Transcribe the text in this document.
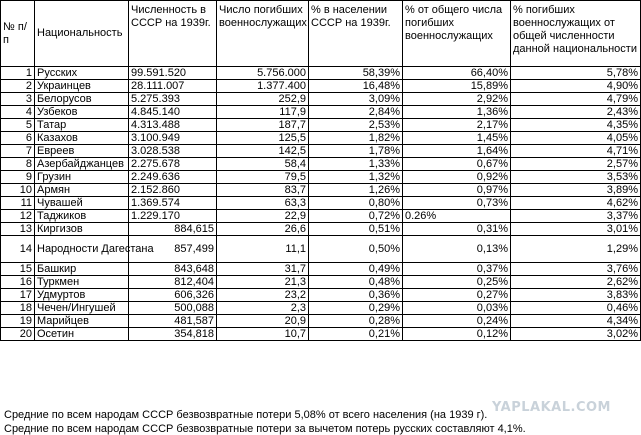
№ п/п	Национальность	Численность в СССР на 1939г.	Число погибших военнослужащих	% в населении СССР на 1939г.	% от общего числа погибших военнослужащих	% погибших военнослужащих от общей численности данной национальности
1	Русских	99.591.520	5.756.000	58,39%	66,40%	5,78%
2	Украинцев	28.111.007	1.377.400	16,48%	15,89%	4,90%
3	Белорусов	5.275.393	252,9	3,09%	2,92%	4,79%
4	Узбеков	4.845.140	117,9	2,84%	1,36%	2,43%
5	Татар	4.313.488	187,7	2,53%	2,17%	4,35%
6	Казахов	3.100.949	125,5	1,82%	1,45%	4,05%
7	Евреев	3.028.538	142,5	1,78%	1,64%	4,71%
8	Азербайджанцев	2.275.678	58,4	1,33%	0,67%	2,57%
9	Грузин	2.249.636	79,5	1,32%	0,92%	3,53%
10	Армян	2.152.860	83,7	1,26%	0,97%	3,89%
11	Чувашей	1.369.574	63,3	0,80%	0,73%	4,62%
12	Таджиков	1.229.170	22,9	0,72%	0.26%	3,37%
13	Киргизов	884,615	26,6	0,51%	0,31%	3,01%
14	Народности Дагестана	857,499	11,1	0,50%	0,13%	1,29%
15	Башкир	843,648	31,7	0,49%	0,37%	3,76%
16	Туркмен	812,404	21,3	0,48%	0,25%	2,62%
17	Удмуртов	606,326	23,2	0,36%	0,27%	3,83%
18	Чечен/Ингушей	500,088	2,3	0,29%	0,03%	0,46%
19	Марийцев	481,587	20,9	0,28%	0,24%	4,34%
20	Осетин	354,818	10,7	0,21%	0,12%	3,02%
Средние по всем народам СССР безвозвратные потери 5,08% от всего населения (на 1939 г).
Средние по всем народам СССР безвозвратные потери за вычетом потерь русских составляют 4,1%.
YAPLAKAL.COM
